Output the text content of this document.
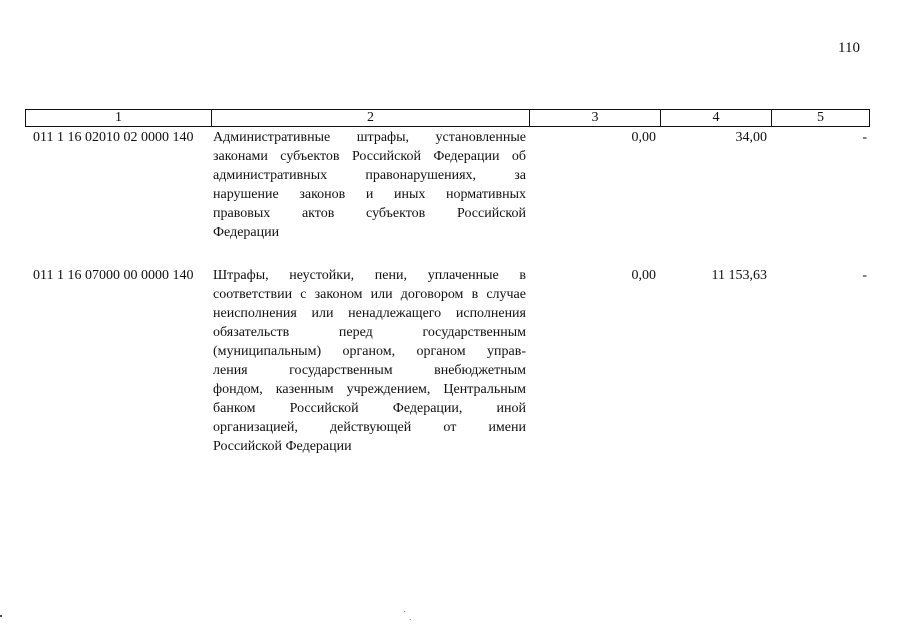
110
1	2	3	4	5
011 1 16 02010 02 0000 140 Административные штрафы, установленные
законами субъектов Российской Федерации об
административных правонарушениях, за
нарушение законов и иных нормативных
правовых актов субъектов Российской
Федерации
0,00	34,00	-
011 1 16 07000 00 0000 140 Штрафы, неустойки, пени, уплаченные в
соответствии с законом или договором в случае
неисполнения или ненадлежащего исполнения
обязательств перед государственным
(муниципальным) органом, органом управ-
ления государственным внебюджетным
фондом, казенным учреждением, Центральным
банком Российской Федерации, иной
организацией, действующей от имени
Российской Федерации
0,00	11 153,63	-
˙ ˏ
